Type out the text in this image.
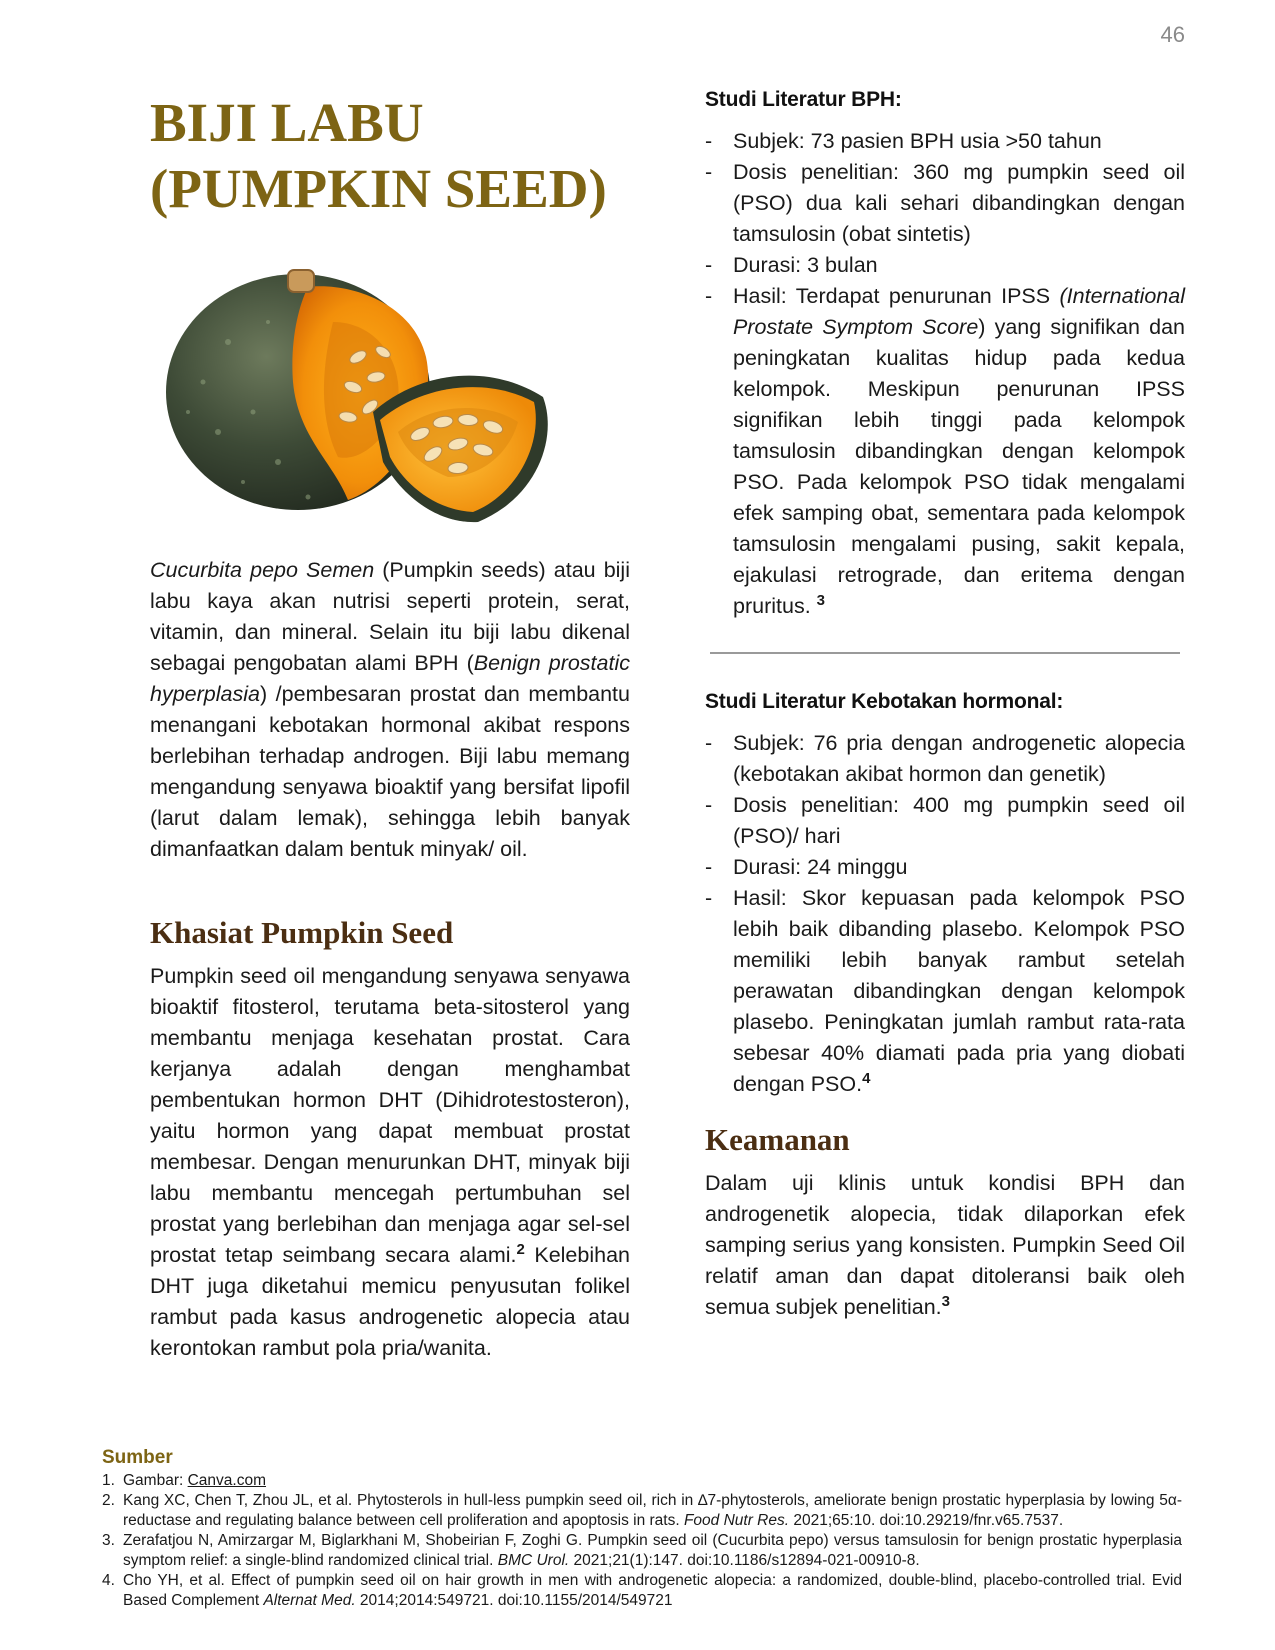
46
BIJI LABU
(PUMPKIN SEED)

Cucurbita pepo Semen (Pumpkin seeds) atau biji labu kaya akan nutrisi seperti protein, serat, vitamin, dan mineral. Selain itu biji labu dikenal sebagai pengobatan alami BPH (Benign prostatic hyperplasia) /pembesaran prostat dan membantu menangani kebotakan hormonal akibat respons berlebihan terhadap androgen. Biji labu memang mengandung senyawa bioaktif yang bersifat lipofil (larut dalam lemak), sehingga lebih banyak dimanfaatkan dalam bentuk minyak/ oil.

Khasiat Pumpkin Seed

Pumpkin seed oil mengandung senyawa senyawa bioaktif fitosterol, terutama beta-sitosterol yang membantu menjaga kesehatan prostat. Cara kerjanya adalah dengan menghambat pembentukan hormon DHT (Dihidrotestosteron), yaitu hormon yang dapat membuat prostat membesar. Dengan menurunkan DHT, minyak biji labu membantu mencegah pertumbuhan sel prostat yang berlebihan dan menjaga agar sel-sel prostat tetap seimbang secara alami.$^2$ Kelebihan DHT juga diketahui memicu penyusutan folikel rambut pada kasus androgenetic alopecia atau kerontokan rambut pola pria/wanita.

Studi Literatur BPH:
- Subjek: 73 pasien BPH usia >50 tahun
- Dosis penelitian: 360 mg pumpkin seed oil (PSO) dua kali sehari dibandingkan dengan tamsulosin (obat sintetis)
- Durasi: 3 bulan
- Hasil: Terdapat penurunan IPSS (International Prostate Symptom Score) yang signifikan dan peningkatan kualitas hidup pada kedua kelompok. Meskipun penurunan IPSS signifikan lebih tinggi pada kelompok tamsulosin dibandingkan dengan kelompok PSO. Pada kelompok PSO tidak mengalami efek samping obat, sementara pada kelompok tamsulosin mengalami pusing, sakit kepala, ejakulasi retrograde, dan eritema dengan pruritus. $^3$
Studi Literatur Kebotakan hormonal:
- Subjek: 76 pria dengan androgenetic alopecia (kebotakan akibat hormon dan genetik)
- Dosis penelitian: 400 mg pumpkin seed oil (PSO)/ hari
- Durasi: 24 minggu
- Hasil: Skor kepuasan pada kelompok PSO lebih baik dibanding plasebo. Kelompok PSO memiliki lebih banyak rambut setelah perawatan dibandingkan dengan kelompok plasebo. Peningkatan jumlah rambut rata-rata sebesar 40% diamati pada pria yang diobati dengan PSO.$^4$
Keamanan

Dalam uji klinis untuk kondisi BPH dan androgenetik alopecia, tidak dilaporkan efek samping serius yang konsisten. Pumpkin Seed Oil relatif aman dan dapat ditoleransi baik oleh semua subjek penelitian.$^3$

Sumber
1. Gambar: Canva.com
2. Kang XC, Chen T, Zhou JL, et al. Phytosterols in hull-less pumpkin seed oil, rich in ∆7-phytosterols, ameliorate benign prostatic hyperplasia by lowing 5α-reductase and regulating balance between cell proliferation and apoptosis in rats. Food Nutr Res. 2021;65:10. doi:10.29219/fnr.v65.7537.
3. Zerafatjou N, Amirzargar M, Biglarkhani M, Shobeirian F, Zoghi G. Pumpkin seed oil (Cucurbita pepo) versus tamsulosin for benign prostatic hyperplasia symptom relief: a single-blind randomized clinical trial. BMC Urol. 2021;21(1):147. doi:10.1186/s12894-021-00910-8.
4. Cho YH, et al. Effect of pumpkin seed oil on hair growth in men with androgenetic alopecia: a randomized, double-blind, placebo-controlled trial. Evid Based Complement Alternat Med. 2014;2014:549721. doi:10.1155/2014/549721
